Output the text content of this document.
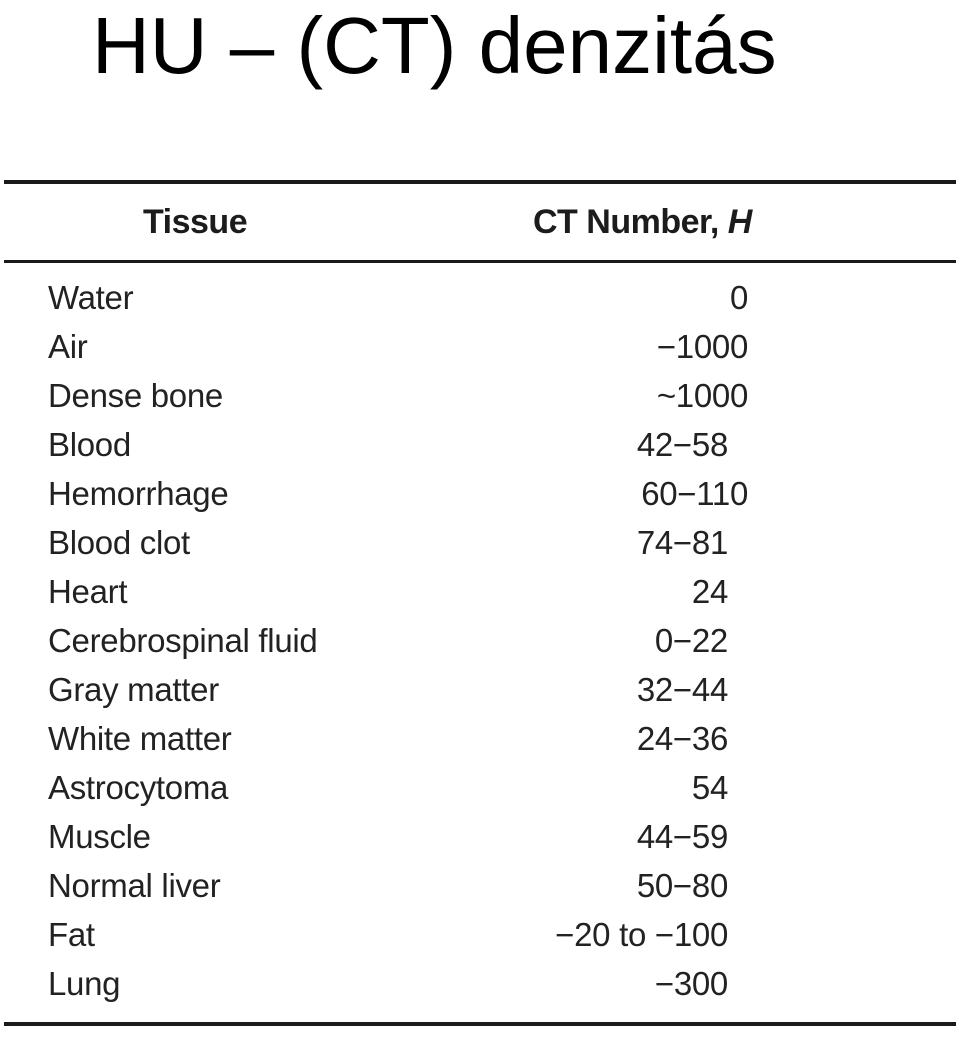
HU – (CT) denzitás
Tissue	CT Number, H
Water	0
Air	−1000
Dense bone	~1000
Blood	42−58
Hemorrhage	60−110
Blood clot	74−81
Heart	24
Cerebrospinal fluid	0−22
Gray matter	32−44
White matter	24−36
Astrocytoma	54
Muscle	44−59
Normal liver	50−80
Fat	−20 to −100
Lung	−300
